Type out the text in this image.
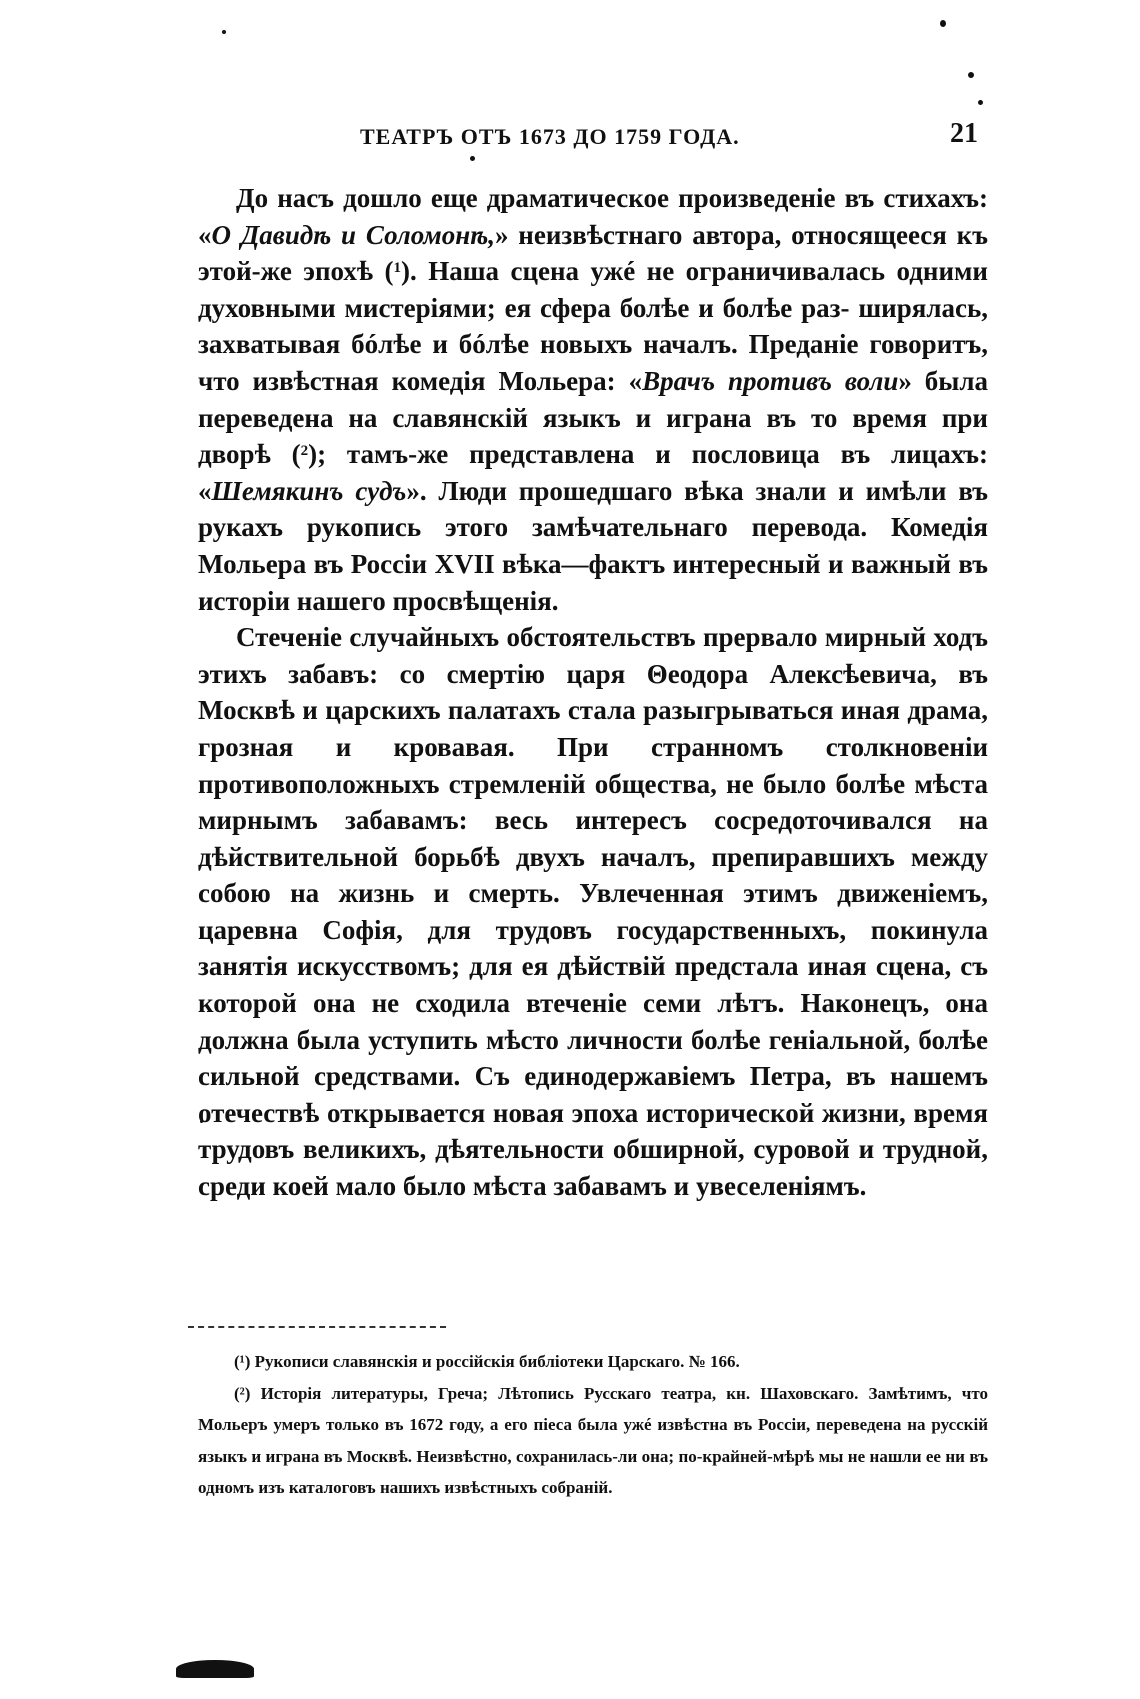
ТЕАТРЪ ОТЪ 1673 ДО 1759 ГОДА.	21

До насъ дошло еще драматическое произведеніе въ стихахъ: «О Давидѣ и Соломонѣ,» неизвѣстнаго автора, относящееся къ этой-же эпохѣ ($^1$). Наша сцена ужé не ограничивалась одними духовными мистеріями; ея сфера болѣе и болѣе раз- ширялась, захватывая бóлѣе и бóлѣе новыхъ началъ. Преданіе говоритъ, что извѣстная комедія Мольера: «Врачъ противъ воли» была переведена на славянскій языкъ и играна въ то время при дворѣ ($^2$); тамъ-же представлена и пословица въ лицахъ: «Шемякинъ судъ». Люди прошедшаго вѣка знали и имѣли въ рукахъ рукопись этого замѣчательнаго перевода. Комедія Мольера въ Россіи XVII вѣка—фактъ интересный и важный въ исторіи нашего просвѣщенія.

Стеченіе случайныхъ обстоятельствъ прервало мирный ходъ этихъ забавъ: со смертію царя Θеодора Алексѣевича, въ Москвѣ и царскихъ палатахъ стала разыгрываться иная драма, грозная и кровавая. При странномъ столкновеніи противоположныхъ стремленій общества, не было болѣе мѣста мирнымъ забавамъ: весь интересъ сосредоточивался на дѣйствительной борьбѣ двухъ началъ, препиравшихъ между собою на жизнь и смерть. Увлеченная этимъ движеніемъ, царевна Софія, для трудовъ государственныхъ, покинула занятія искусствомъ; для ея дѣйствій предстала иная сцена, съ которой она не сходила втеченіе семи лѣтъ. Наконецъ, она должна была уступить мѣсто личности болѣе геніальной, болѣе сильной средствами. Съ единодержавіемъ Петра, въ нашемъ отечествѣ открывается новая эпоха исторической жизни, время трудовъ великихъ, дѣятельности обширной, суровой и трудной, среди коей мало было мѣста забавамъ и увеселеніямъ.

(¹) Рукописи славянскія и россійскія библіотеки Царскаго. № 166.

(²) Исторія литературы, Греча; Лѣтопись Русскаго театра, кн. Шаховскаго. Замѣтимъ, что Мольеръ умеръ только въ 1672 году, а его піеса была ужé извѣстна въ Россіи, переведена на русскій языкъ и играна въ Москвѣ. Неизвѣстно, сохранилась-ли она; по-крайней-мѣрѣ мы не нашли ее ни въ одномъ изъ каталоговъ нашихъ извѣстныхъ собраній.
